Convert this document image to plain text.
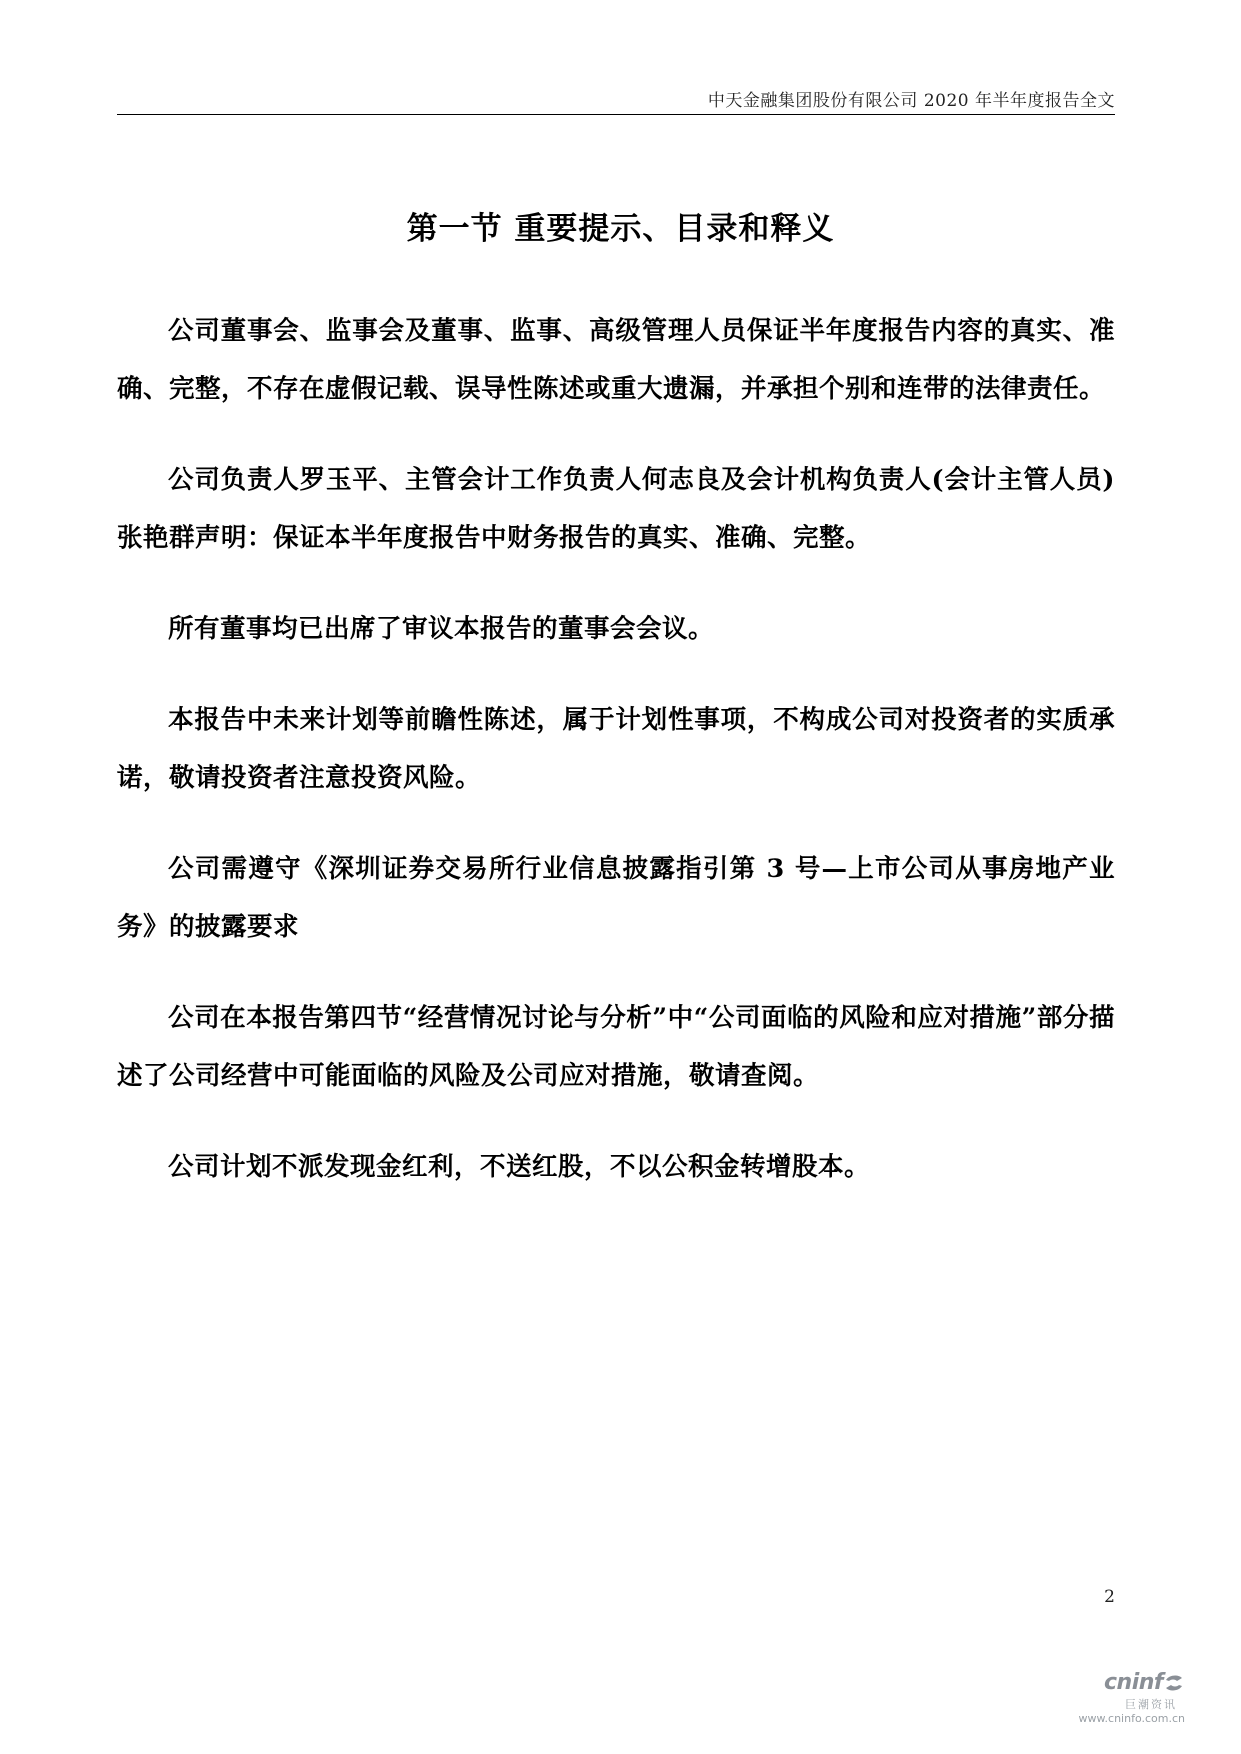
中天金融集团股份有限公司 2020 年半年度报告全文
第一节 重要提示、目录和释义

公司董事会、监事会及董事、监事、高级管理人员保证半年度报告内容的真实、准确、完整，不存在虚假记载、误导性陈述或重大遗漏，并承担个别和连带的法律责任。

公司负责人罗玉平、主管会计工作负责人何志良及会计机构负责人(会计主管人员)张艳群声明：保证本半年度报告中财务报告的真实、准确、完整。

所有董事均已出席了审议本报告的董事会会议。

本报告中未来计划等前瞻性陈述，属于计划性事项，不构成公司对投资者的实质承诺，敬请投资者注意投资风险。

公司需遵守《深圳证券交易所行业信息披露指引第 3 号—上市公司从事房地产业务》的披露要求

公司在本报告第四节“经营情况讨论与分析”中“公司面临的风险和应对措施”部分描述了公司经营中可能面临的风险及公司应对措施，敬请查阅。

公司计划不派发现金红利，不送红股，不以公积金转增股本。

2
cninf
巨潮资讯
www.cninfo.com.cn
